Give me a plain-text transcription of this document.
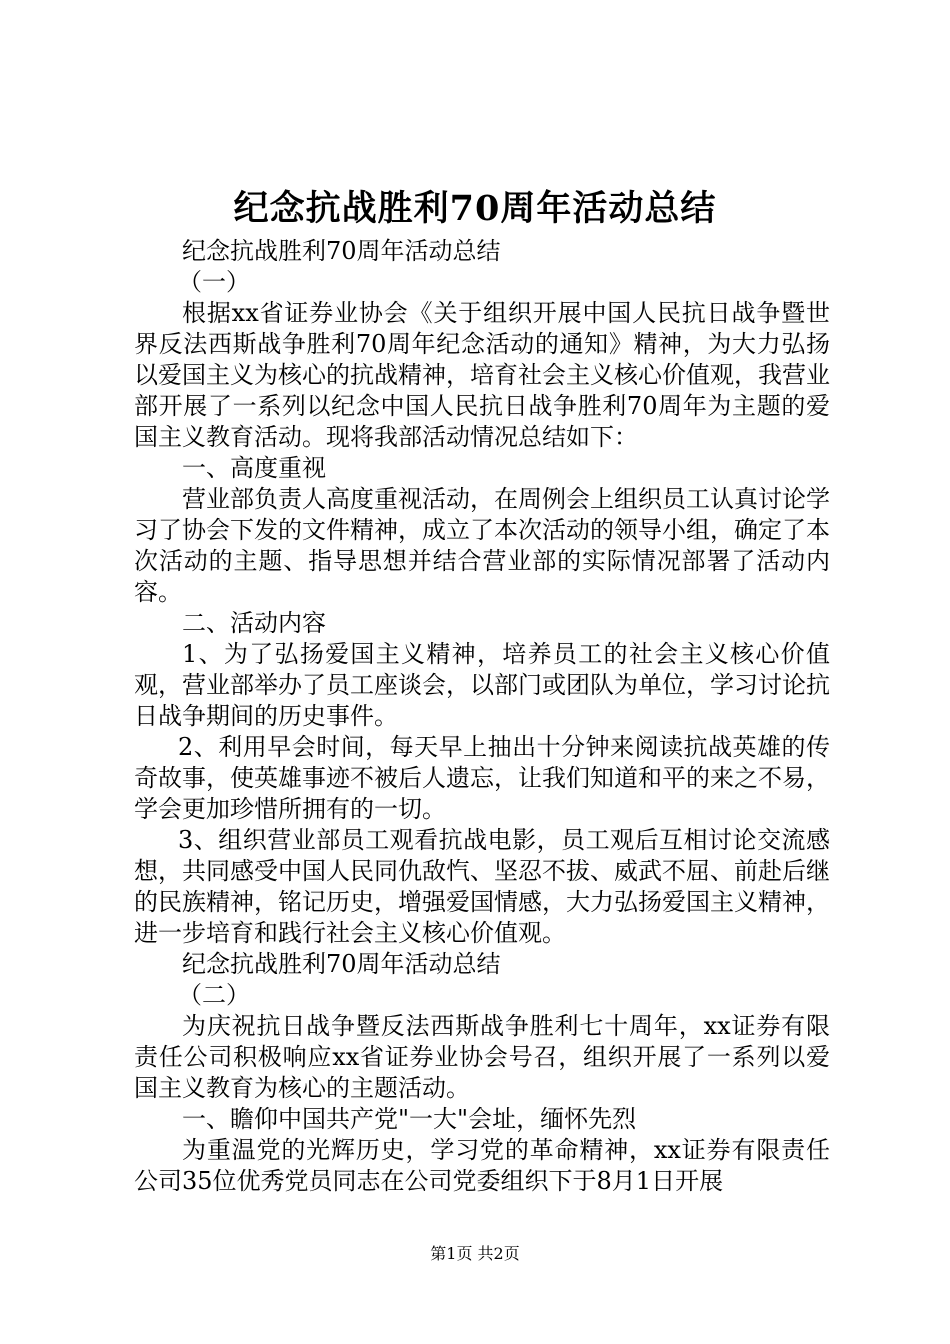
纪念抗战胜利70周年活动总结

纪念抗战胜利70周年活动总结

（一）

根据xx省证券业协会《关于组织开展中国人民抗日战争暨世界反法西斯战争胜利70周年纪念活动的通知》精神，为大力弘扬以爱国主义为核心的抗战精神，培育社会主义核心价值观，我营业部开展了一系列以纪念中国人民抗日战争胜利70周年为主题的爱国主义教育活动。现将我部活动情况总结如下：

一、高度重视

营业部负责人高度重视活动，在周例会上组织员工认真讨论学习了协会下发的文件精神，成立了本次活动的领导小组，确定了本次活动的主题、指导思想并结合营业部的实际情况部署了活动内容。

二、活动内容

1、为了弘扬爱国主义精神，培养员工的社会主义核心价值观，营业部举办了员工座谈会，以部门或团队为单位，学习讨论抗日战争期间的历史事件。

2、利用早会时间，每天早上抽出十分钟来阅读抗战英雄的传奇故事，使英雄事迹不被后人遗忘，让我们知道和平的来之不易，学会更加珍惜所拥有的一切。

3、组织营业部员工观看抗战电影，员工观后互相讨论交流感想，共同感受中国人民同仇敌忾、坚忍不拔、威武不屈、前赴后继的民族精神，铭记历史，增强爱国情感，大力弘扬爱国主义精神，进一步培育和践行社会主义核心价值观。

纪念抗战胜利70周年活动总结

（二）

为庆祝抗日战争暨反法西斯战争胜利七十周年，xx证券有限责任公司积极响应xx省证券业协会号召，组织开展了一系列以爱国主义教育为核心的主题活动。

一、瞻仰中国共产党"一大"会址，缅怀先烈

为重温党的光辉历史，学习党的革命精神，xx证券有限责任公司35位优秀党员同志在公司党委组织下于8月1日开展

第1页 共2页
